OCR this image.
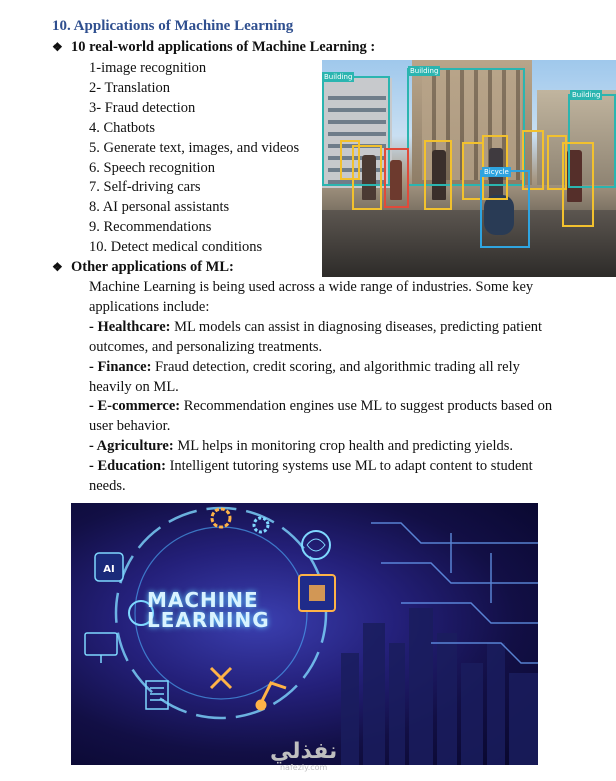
10. Applications of Machine Learning
❖ 10 real-world applications of Machine Learning :
1-image recognition
2- Translation
3- Fraud detection
4. Chatbots
5. Generate text, images, and videos
6. Speech recognition
7. Self-driving cars
8. AI personal assistants
9. Recommendations
10. Detect medical conditions
Building
Building
Building
Bicycle
❖ Other applications of ML:

Machine Learning is being used across a wide range of industries. Some key applications include:

- Healthcare: ML models can assist in diagnosing diseases, predicting patient outcomes, and personalizing treatments.

- Finance: Fraud detection, credit scoring, and algorithmic trading all rely heavily on ML.

- E-commerce: Recommendation engines use ML to suggest products based on user behavior.

- Agriculture: ML helps in monitoring crop health and predicting yields.

- Education: Intelligent tutoring systems use ML to adapt content to student needs.

AI
MACHINE
LEARNING
نفذلي
nafezly.com
